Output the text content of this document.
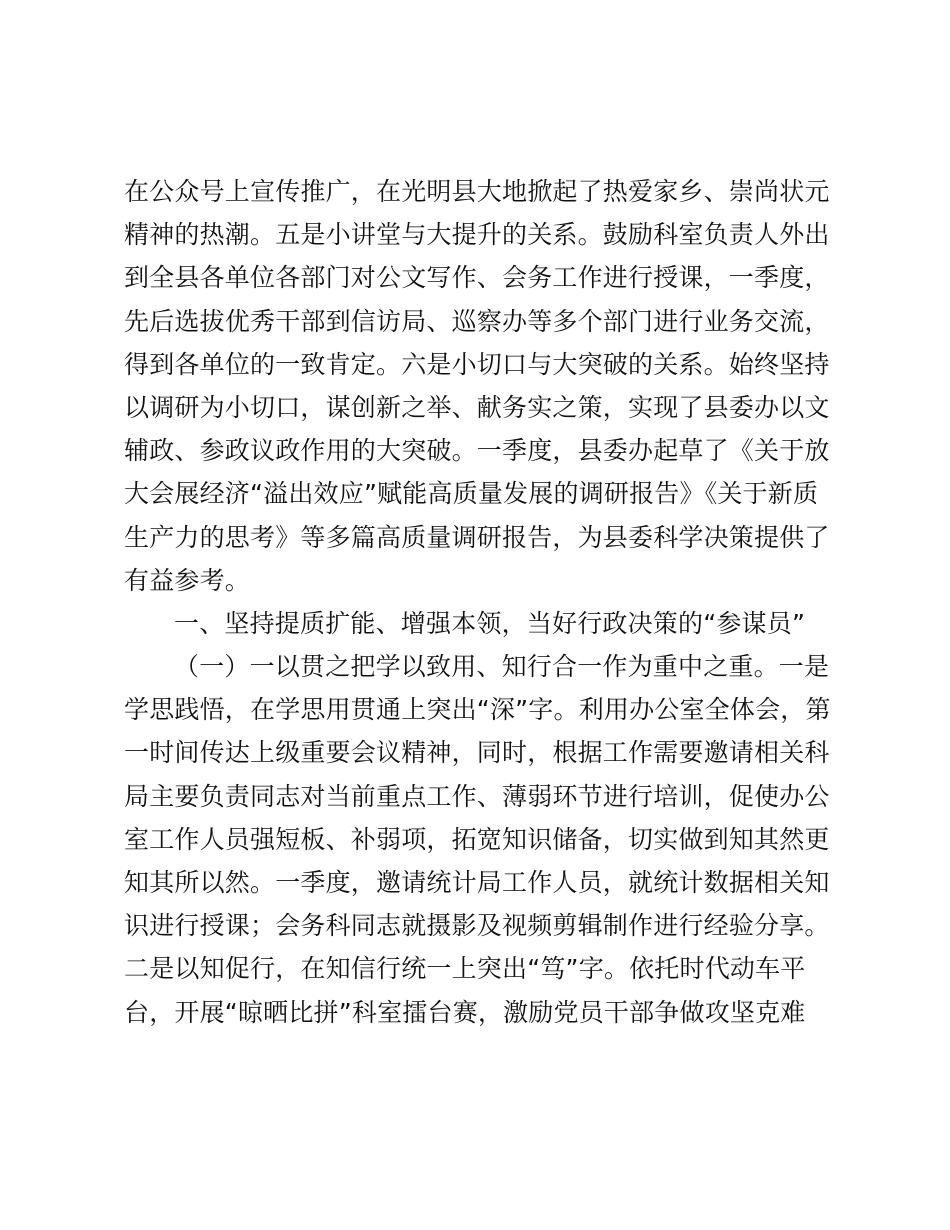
在公众号上宣传推广，在光明县大地掀起了热爱家乡、崇尚状元
精神的热潮。五是小讲堂与大提升的关系。鼓励科室负责人外出
到全县各单位各部门对公文写作、会务工作进行授课，一季度，
先后选拔优秀干部到信访局、巡察办等多个部门进行业务交流，
得到各单位的一致肯定。六是小切口与大突破的关系。始终坚持
以调研为小切口，谋创新之举、献务实之策，实现了县委办以文
辅政、参政议政作用的大突破。一季度，县委办起草了《关于放
大会展经济“溢出效应”赋能高质量发展的调研报告》《关于新质
生产力的思考》等多篇高质量调研报告，为县委科学决策提供了
有益参考。
一、坚持提质扩能、增强本领，当好行政决策的“参谋员”
（一）一以贯之把学以致用、知行合一作为重中之重。一是
学思践悟，在学思用贯通上突出“深”字。利用办公室全体会，第
一时间传达上级重要会议精神，同时，根据工作需要邀请相关科
局主要负责同志对当前重点工作、薄弱环节进行培训，促使办公
室工作人员强短板、补弱项，拓宽知识储备，切实做到知其然更
知其所以然。一季度，邀请统计局工作人员，就统计数据相关知
识进行授课；会务科同志就摄影及视频剪辑制作进行经验分享。
二是以知促行，在知信行统一上突出“笃”字。依托时代动车平
台，开展“晾晒比拼”科室擂台赛，激励党员干部争做攻坚克难
